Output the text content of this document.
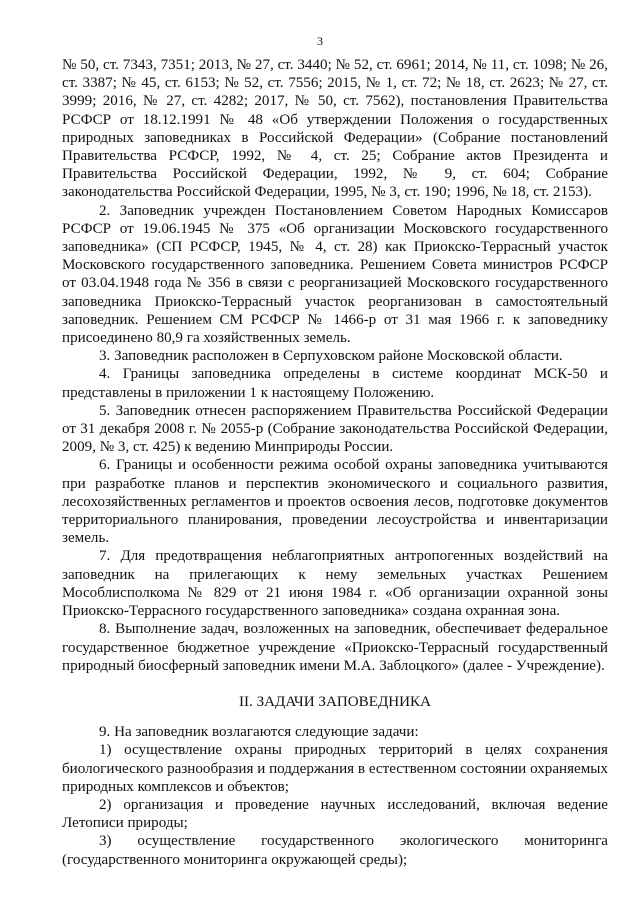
3

№ 50, ст. 7343, 7351; 2013, № 27, ст. 3440; № 52, ст. 6961; 2014, № 11, ст. 1098; № 26, ст. 3387; № 45, ст. 6153; № 52, ст. 7556; 2015, № 1, ст. 72; № 18, ст. 2623; № 27, ст. 3999; 2016, № 27, ст. 4282; 2017, № 50, ст. 7562), постановления Правительства РСФСР от 18.12.1991 № 48 «Об утверждении Положения о государственных природных заповедниках в Российской Федерации» (Собрание постановлений Правительства РСФСР, 1992, № 4, ст. 25; Собрание актов Президента и Правительства Российской Федерации, 1992, № 9, ст. 604; Собрание законодательства Российской Федерации, 1995, № 3, ст. 190; 1996, № 18, ст. 2153).

2. Заповедник учрежден Постановлением Советом Народных Комиссаров РСФСР от 19.06.1945 № 375 «Об организации Московского государственного заповедника» (СП РСФСР, 1945, № 4, ст. 28) как Приокско-Террасный участок Московского государственного заповедника. Решением Совета министров РСФСР от 03.04.1948 года № 356 в связи с реорганизацией Московского государственного заповедника Приокско-Террасный участок реорганизован в самостоятельный заповедник. Решением СМ РСФСР № 1466-р от 31 мая 1966 г. к заповеднику присоединено 80,9 га хозяйственных земель.

3. Заповедник расположен в Серпуховском районе Московской области.

4. Границы заповедника определены в системе координат МСК-50 и представлены в приложении 1 к настоящему Положению.

5. Заповедник отнесен распоряжением Правительства Российской Федерации от 31 декабря 2008 г. № 2055-р (Собрание законодательства Российской Федерации, 2009, № 3, ст. 425) к ведению Минприроды России.

6. Границы и особенности режима особой охраны заповедника учитываются при разработке планов и перспектив экономического и социального развития, лесохозяйственных регламентов и проектов освоения лесов, подготовке документов территориального планирования, проведении лесоустройства и инвентаризации земель.

7. Для предотвращения неблагоприятных антропогенных воздействий на заповедник на прилегающих к нему земельных участках Решением Мособлисполкома № 829 от 21 июня 1984 г. «Об организации охранной зоны Приокско-Террасного государственного заповедника» создана охранная зона.

8. Выполнение задач, возложенных на заповедник, обеспечивает федеральное государственное бюджетное учреждение «Приокско-Террасный государственный природный биосферный заповедник имени М.А. Заблоцкого» (далее - Учреждение).

II. ЗАДАЧИ ЗАПОВЕДНИКА

9. На заповедник возлагаются следующие задачи:

1) осуществление охраны природных территорий в целях сохранения биологического разнообразия и поддержания в естественном состоянии охраняемых природных комплексов и объектов;

2) организация и проведение научных исследований, включая ведение Летописи природы;

3) осуществление государственного экологического мониторинга (государственного мониторинга окружающей среды);
